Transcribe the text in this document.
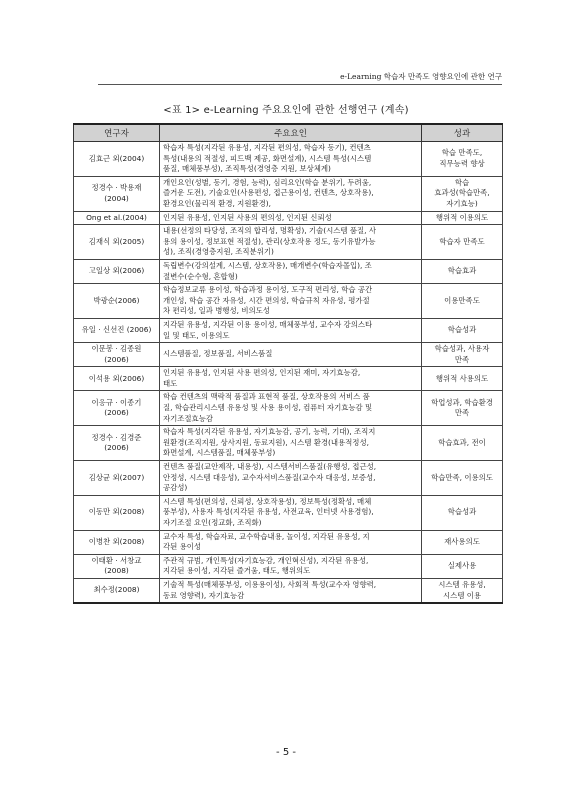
e-Learning 학습자 만족도 영향요인에 관한 연구
<표 1> e-Learning 주요요인에 관한 선행연구 (계속)
연구자	주요요인	성과
김효근 외(2004)	학습자 특성(지각된 유용성, 지각된 편의성, 학습자 동기), 컨텐츠
특성(내용의 적절성, 피드백 제공, 화면설계), 시스템 특성(시스템
품질, 매체풍부성), 조직특성(경영층 지원, 보상체계)	학습 만족도,
직무능력 향상
정경수 · 박용재
(2004)	개인요인(성별, 동기, 경험, 능력), 심리요인(학습 분위기, 두려움,
즐거운 도전), 기술요인(사용편성, 접근용이성, 컨텐츠, 상호작용),
환경요인(물리적 환경, 지원환경),	학습
효과성(학습만족,
자기효능)
Ong et al.(2004)	인지된 유용성, 인지된 사용의 편의성, 인지된 신뢰성	행위적 이용의도
김재식 외(2005)	내용(선정의 타당성, 조직의 합리성, 명확성), 기술(시스템 품질, 사
용의 용이성, 정보표현 적절성), 관리(상호작용 정도, 동기유발가능
성), 조직(경영층지원, 조직분위기)	학습자 만족도
고일상 외(2006)	독립변수(강의설계, 시스템, 상호작용), 매개변수(학습자몰입), 조
절변수(순수형, 혼합형)	학습효과
박광순(2006)	학습정보교류 용이성, 학습과정 용이성, 도구적 편리성, 학습 공간
개인성, 학습 공간 자유성, 시간 편의성, 학습규칙 자유성, 평가절
차 편리성, 일과 병행성, 비의도성	이용만족도
유일 · 신선진 (2006)	지각된 유용성, 지각된 이용 용이성, 매체풍부성, 교수자 강의스타
일 및 태도, 이용의도	학습성과
이문봉 · 김종원
(2006)	시스템품질, 정보품질, 서비스품질	학습성과, 사용자
만족
이석용 외(2006)	인지된 유용성, 인지된 사용 편의성, 인지된 재미, 자기효능감,
태도	행위적 사용의도
이응규 · 이종기
(2006)	학습 컨텐츠의 맥락적 품질과 표현적 품질, 상호작용의 서비스 품
질, 학습관리시스템 유용성 및 사용 용이성, 컴퓨터 자기효능감 및
자기조절효능감	학업성과, 학습환경
만족
정경수 · 김경준
(2006)	학습자 특성(지각된 유용성, 자기효능감, 공기, 능력, 기대), 조직지
원환경(조직지원, 상사지원, 동료지원), 시스템 환경(내용적정성,
화면설계, 시스템품질, 매체풍부성)	학습효과, 전이
김상균 외(2007)	컨텐츠 품질(교안제작, 내용성), 시스템서비스품질(유행성, 접근성,
안정성, 시스템 대응성), 교수자서비스품질(교수자 대응성, 보증성,
공감성)	학습만족, 이용의도
이동만 외(2008)	시스템 특성(편의성, 신뢰성, 상호작용성), 정보특성(정확성, 매체
풍부성), 사용자 특성(지각된 유용성, 사전교육, 인터넷 사용경험),
자기조절 요인(정교화, 조직화)	학습성과
이병찬 외(2008)	교수자 특성, 학습자료, 교수학습내용, 놀이성, 지각된 유용성, 지
각된 용이성	재사용의도
이태환 · 서창교
(2008)	주관적 규범, 개인특성(자기효능감, 개인혁신성), 지각된 유용성,
지각된 용이성, 지각된 즐거움, 태도, 행위의도	실제사용
최수정(2008)	기술적 특성(매체풍부성, 이용용이성), 사회적 특성(교수자 영향력,
동료 영향력), 자기효능감	시스템 유용성,
시스템 이용
- 5 -
